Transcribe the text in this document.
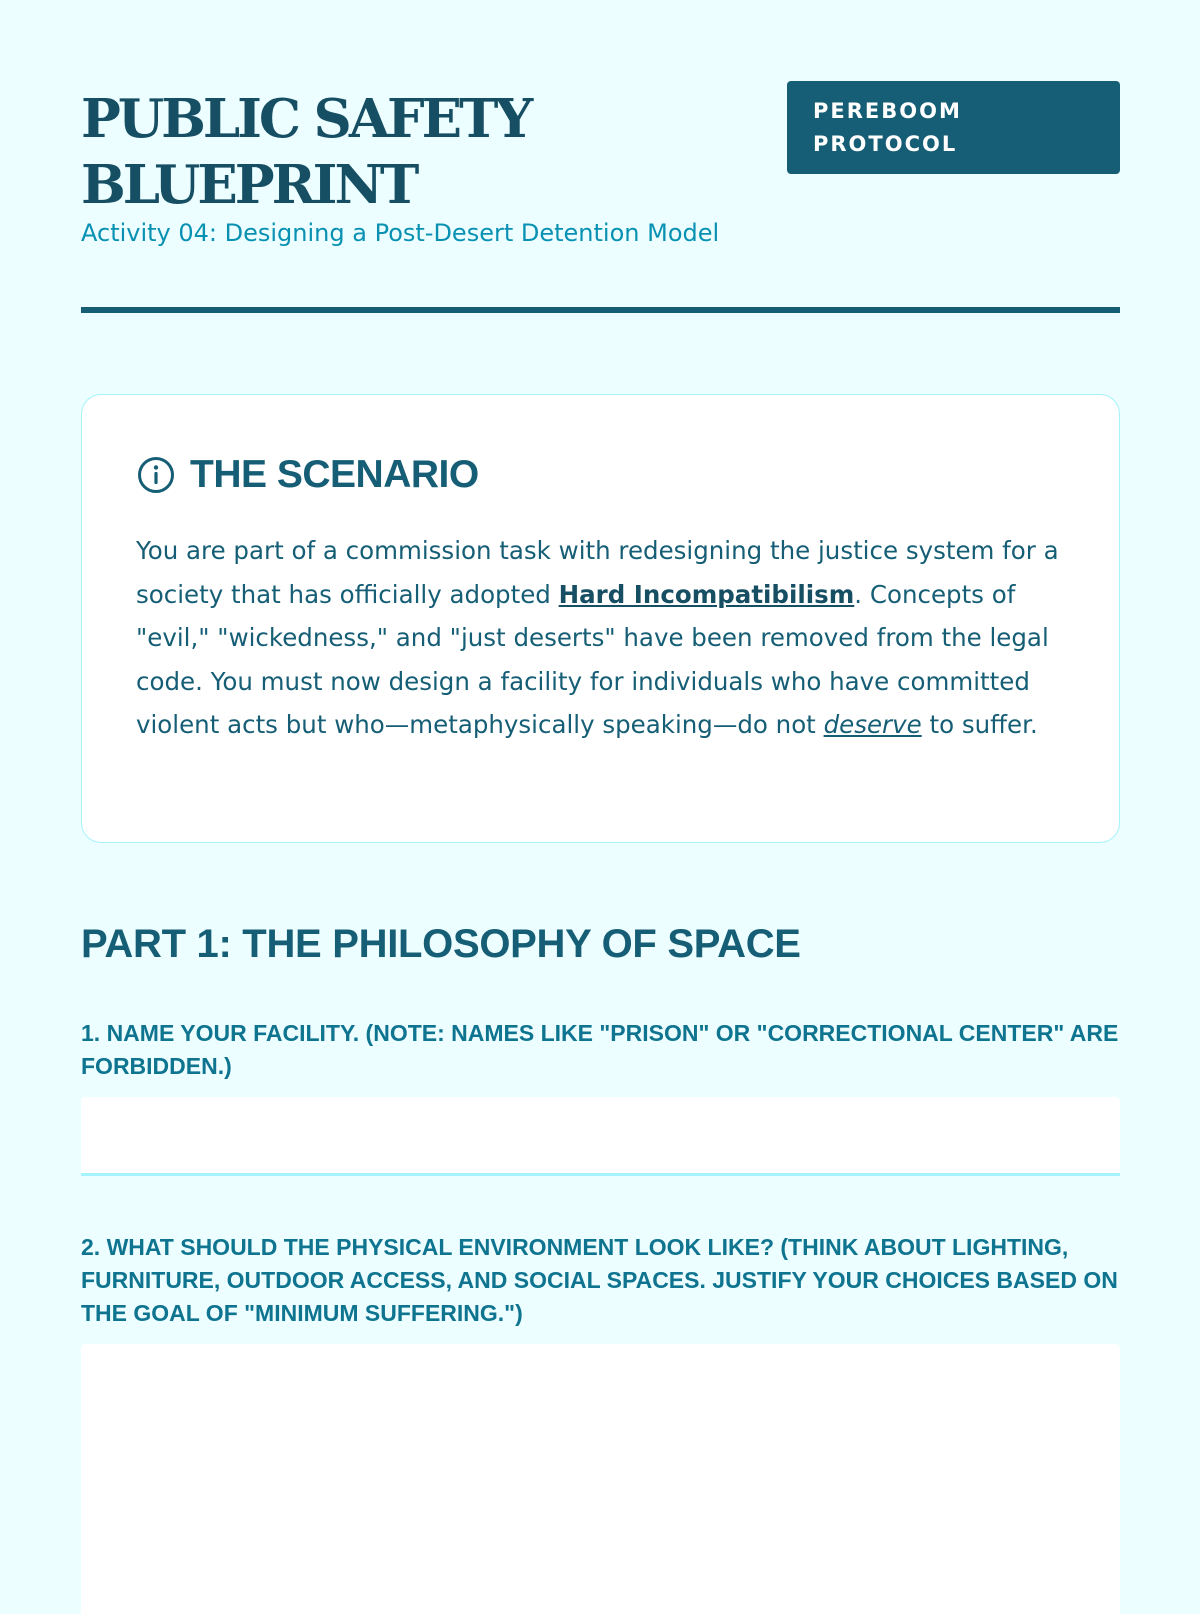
PUBLIC SAFETY
BLUEPRINT

Activity 04: Designing a Post-Desert Detention Model

PEREBOOM
PROTOCOL
THE SCENARIO

You are part of a commission task with redesigning the justice system for a society that has officially adopted Hard Incompatibilism. Concepts of "evil," "wickedness," and "just deserts" have been removed from the legal code. You must now design a facility for individuals who have committed violent acts but who—metaphysically speaking—do not deserve to suffer.

PART 1: THE PHILOSOPHY OF SPACE

1. NAME YOUR FACILITY. (NOTE: NAMES LIKE "PRISON" OR "CORRECTIONAL CENTER" ARE FORBIDDEN.)

2. WHAT SHOULD THE PHYSICAL ENVIRONMENT LOOK LIKE? (THINK ABOUT LIGHTING, FURNITURE, OUTDOOR ACCESS, AND SOCIAL SPACES. JUSTIFY YOUR CHOICES BASED ON THE GOAL OF "MINIMUM SUFFERING.")
